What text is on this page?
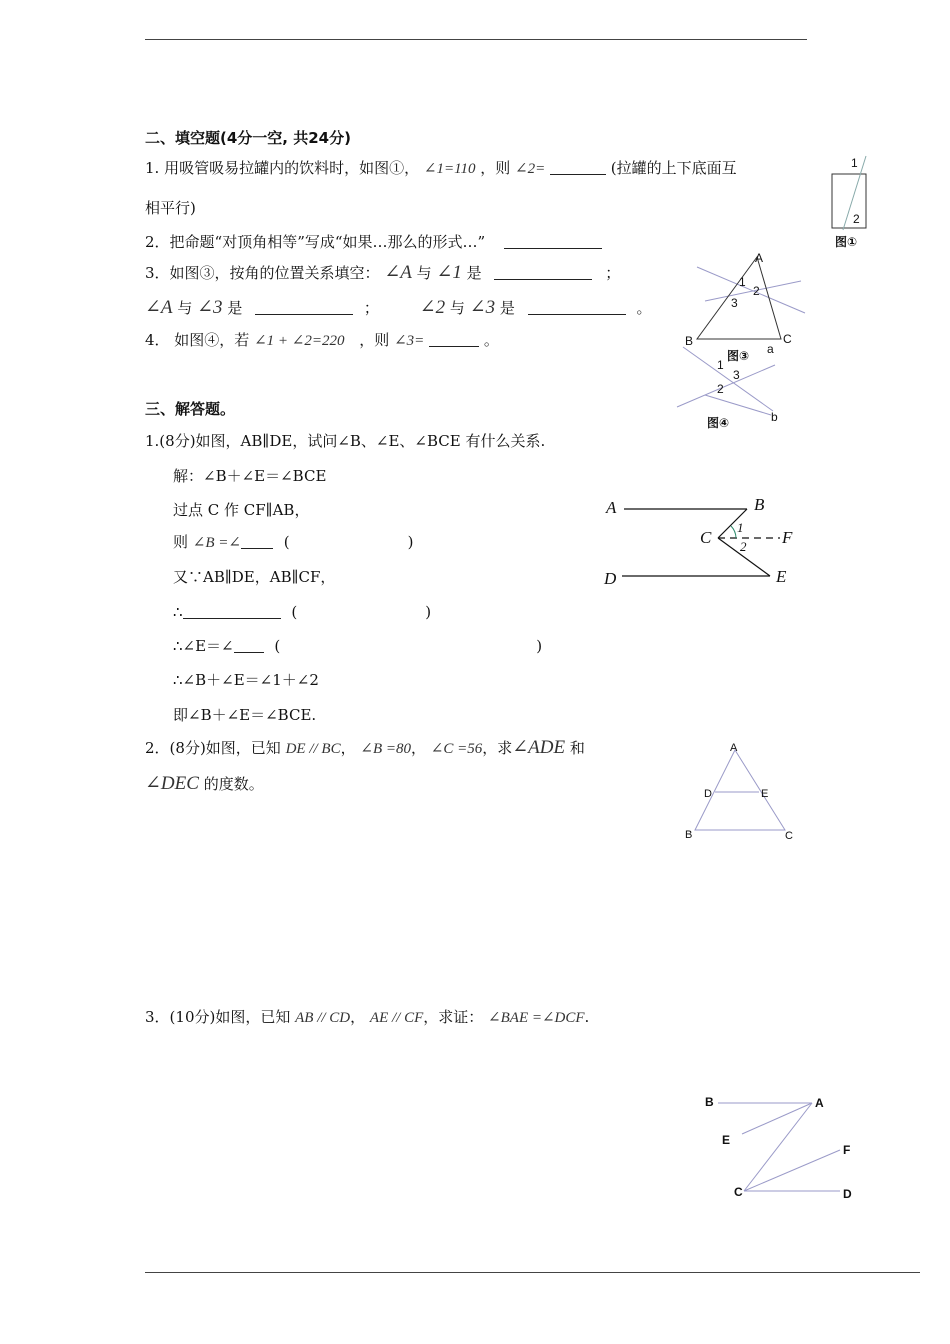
二、填空题(4分一空, 共24分)
1. 用吸管吸易拉罐内的饮料时，如图①， ∠1=110 ，则 ∠2=	(拉罐的上下底面互
相平行)
2．把命题“对顶角相等”写成“如果…那么的形式…”
3．如图③，按角的位置关系填空： ∠A 与 ∠1 是	；
∠A 与 ∠3 是	； ∠2 与 ∠3 是	。
4． 如图④，若 ∠1 + ∠2=220 ，则 ∠3=	。
三、解答题。
1.(8分)如图，AB∥DE，试问∠B、∠E、∠BCE 有什么关系.
解：∠B＋∠E＝∠BCE
过点 C 作 CF∥AB，
则 ∠B =∠	(	)
又∵AB∥DE，AB∥CF，
∴	(	)
∴∠E＝∠	(	)
∴∠B＋∠E＝∠1＋∠2
即∠B＋∠E＝∠BCE.
2．(8分)如图，已知 DE // BC， ∠B =80， ∠C =56，求∠ADE 和
∠DEC 的度数。
3．(10分)如图，已知 AB // CD， AE // CF，求证： ∠BAE =∠DCF.
1
2
图①
A
B	C
1
2
3
图③
1
2
3
a
b
图④
A	B
C
D	E
F
1
2
A
B	C
D	E
B	A
E
F
C	D
